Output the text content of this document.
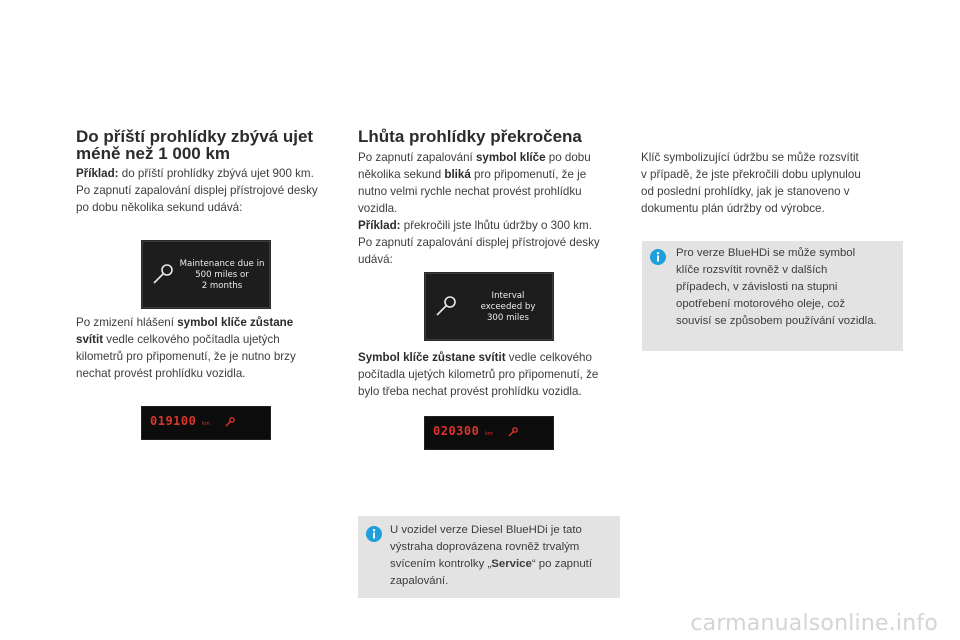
Do příští prohlídky zbývá ujet
méně než 1 000 km
Příklad: do příští prohlídky zbývá ujet 900 km.
Po zapnutí zapalování displej přístrojové desky
po dobu několika sekund udává:
Maintenance due in
500 miles or
2 months
Po zmizení hlášení symbol klíče zůstane
svítit vedle celkového počítadla ujetých
kilometrů pro připomenutí, že je nutno brzy
nechat provést prohlídku vozidla.
019100 km
Lhůta prohlídky překročena
Po zapnutí zapalování symbol klíče po dobu
několika sekund bliká pro připomenutí, že je
nutno velmi rychle nechat provést prohlídku
vozidla.
Příklad: překročili jste lhůtu údržby o 300 km.
Po zapnutí zapalování displej přístrojové desky
udává:
Interval
exceeded by
300 miles
Symbol klíče zůstane svítit vedle celkového
počítadla ujetých kilometrů pro připomenutí, že
bylo třeba nechat provést prohlídku vozidla.
020300 km
U vozidel verze Diesel BlueHDi je tato
výstraha doprovázena rovněž trvalým
svícením kontrolky „Service“ po zapnutí
zapalování.
Klíč symbolizující údržbu se může rozsvítit
v případě, že jste překročili dobu uplynulou
od poslední prohlídky, jak je stanoveno v
dokumentu plán údržby od výrobce.
Pro verze BlueHDi se může symbol
klíče rozsvítit rovněž v dalších
případech, v závislosti na stupni
opotřebení motorového oleje, což
souvisí se způsobem používání vozidla.
carmanualsonline.info
